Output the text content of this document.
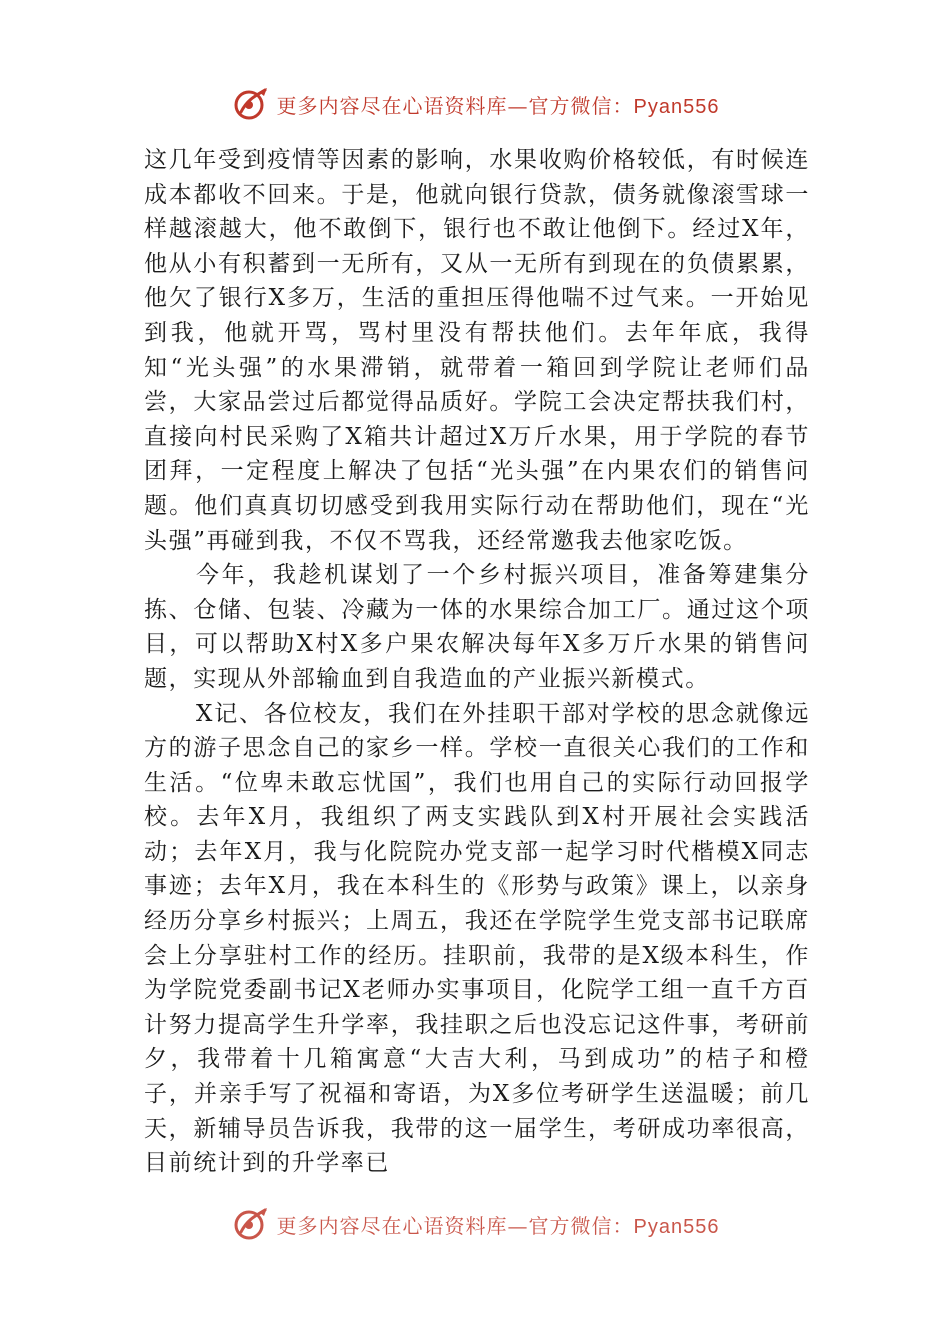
更多内容尽在心语资料库—官方微信：Pyan556

这几年受到疫情等因素的影响，水果收购价格较低，有时候连成本都收不回来。于是，他就向银行贷款，债务就像滚雪球一样越滚越大，他不敢倒下，银行也不敢让他倒下。经过X年，他从小有积蓄到一无所有，又从一无所有到现在的负债累累，他欠了银行X多万，生活的重担压得他喘不过气来。一开始见到我，他就开骂，骂村里没有帮扶他们。去年年底，我得知“光头强”的水果滞销，就带着一箱回到学院让老师们品尝，大家品尝过后都觉得品质好。学院工会决定帮扶我们村，直接向村民采购了X箱共计超过X万斤水果，用于学院的春节团拜，一定程度上解决了包括“光头强”在内果农们的销售问题。他们真真切切感受到我用实际行动在帮助他们，现在“光头强”再碰到我，不仅不骂我，还经常邀我去他家吃饭。

今年，我趁机谋划了一个乡村振兴项目，准备筹建集分拣、仓储、包装、冷藏为一体的水果综合加工厂。通过这个项目，可以帮助X村X多户果农解决每年X多万斤水果的销售问题，实现从外部输血到自我造血的产业振兴新模式。

X记、各位校友，我们在外挂职干部对学校的思念就像远方的游子思念自己的家乡一样。学校一直很关心我们的工作和生活。“位卑未敢忘忧国”，我们也用自己的实际行动回报学校。去年X月，我组织了两支实践队到X村开展社会实践活动；去年X月，我与化院院办党支部一起学习时代楷模X同志事迹；去年X月，我在本科生的《形势与政策》课上，以亲身经历分享乡村振兴；上周五，我还在学院学生党支部书记联席会上分享驻村工作的经历。挂职前，我带的是X级本科生，作为学院党委副书记X老师办实事项目，化院学工组一直千方百计努力提高学生升学率，我挂职之后也没忘记这件事，考研前夕，我带着十几箱寓意“大吉大利，马到成功”的桔子和橙子，并亲手写了祝福和寄语，为X多位考研学生送温暖；前几天，新辅导员告诉我，我带的这一届学生，考研成功率很高，目前统计到的升学率已

更多内容尽在心语资料库—官方微信：Pyan556
